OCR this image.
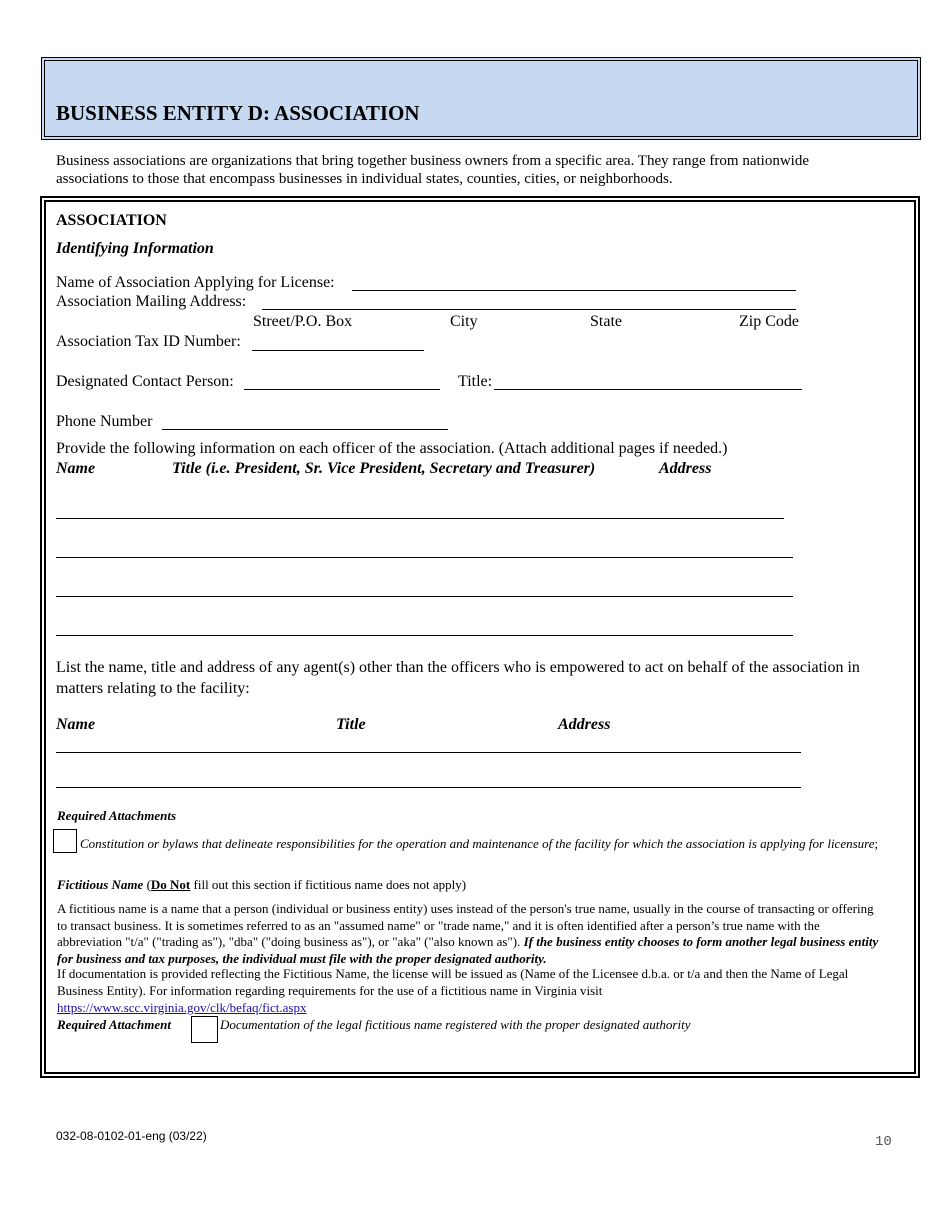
BUSINESS ENTITY D: ASSOCIATION
Business associations are organizations that bring together business owners from a specific area. They range from nationwide associations to those that encompass businesses in individual states, counties, cities, or neighborhoods.
ASSOCIATION
Identifying Information
Name of Association Applying for License:
Association Mailing Address:
Street/P.O. Box	City	State	Zip Code
Association Tax ID Number:
Designated Contact Person:	Title:
Phone Number
Provide the following information on each officer of the association. (Attach additional pages if needed.)
Name	Title (i.e. President, Sr. Vice President, Secretary and Treasurer)	Address
List the name, title and address of any agent(s) other than the officers who is empowered to act on behalf of the association in matters relating to the facility:
Name	Title	Address
Required Attachments
Constitution or bylaws that delineate responsibilities for the operation and maintenance of the facility for which the association is applying for licensure;
Fictitious Name (Do Not fill out this section if fictitious name does not apply)
A fictitious name is a name that a person (individual or business entity) uses instead of the person's true name, usually in the course of transacting or offering to transact business. It is sometimes referred to as an "assumed name" or "trade name," and it is often identified after a person’s true name with the abbreviation "t/a" ("trading as"), "dba" ("doing business as"), or "aka" ("also known as"). If the business entity chooses to form another legal business entity for business and tax purposes, the individual must file with the proper designated authority.
If documentation is provided reflecting the Fictitious Name, the license will be issued as (Name of the Licensee d.b.a. or t/a and then the Name of Legal Business Entity). For information regarding requirements for the use of a fictitious name in Virginia visit
https://www.scc.virginia.gov/clk/befaq/fict.aspx
Required Attachment	Documentation of the legal fictitious name registered with the proper designated authority
032-08-0102-01-eng (03/22)	10
